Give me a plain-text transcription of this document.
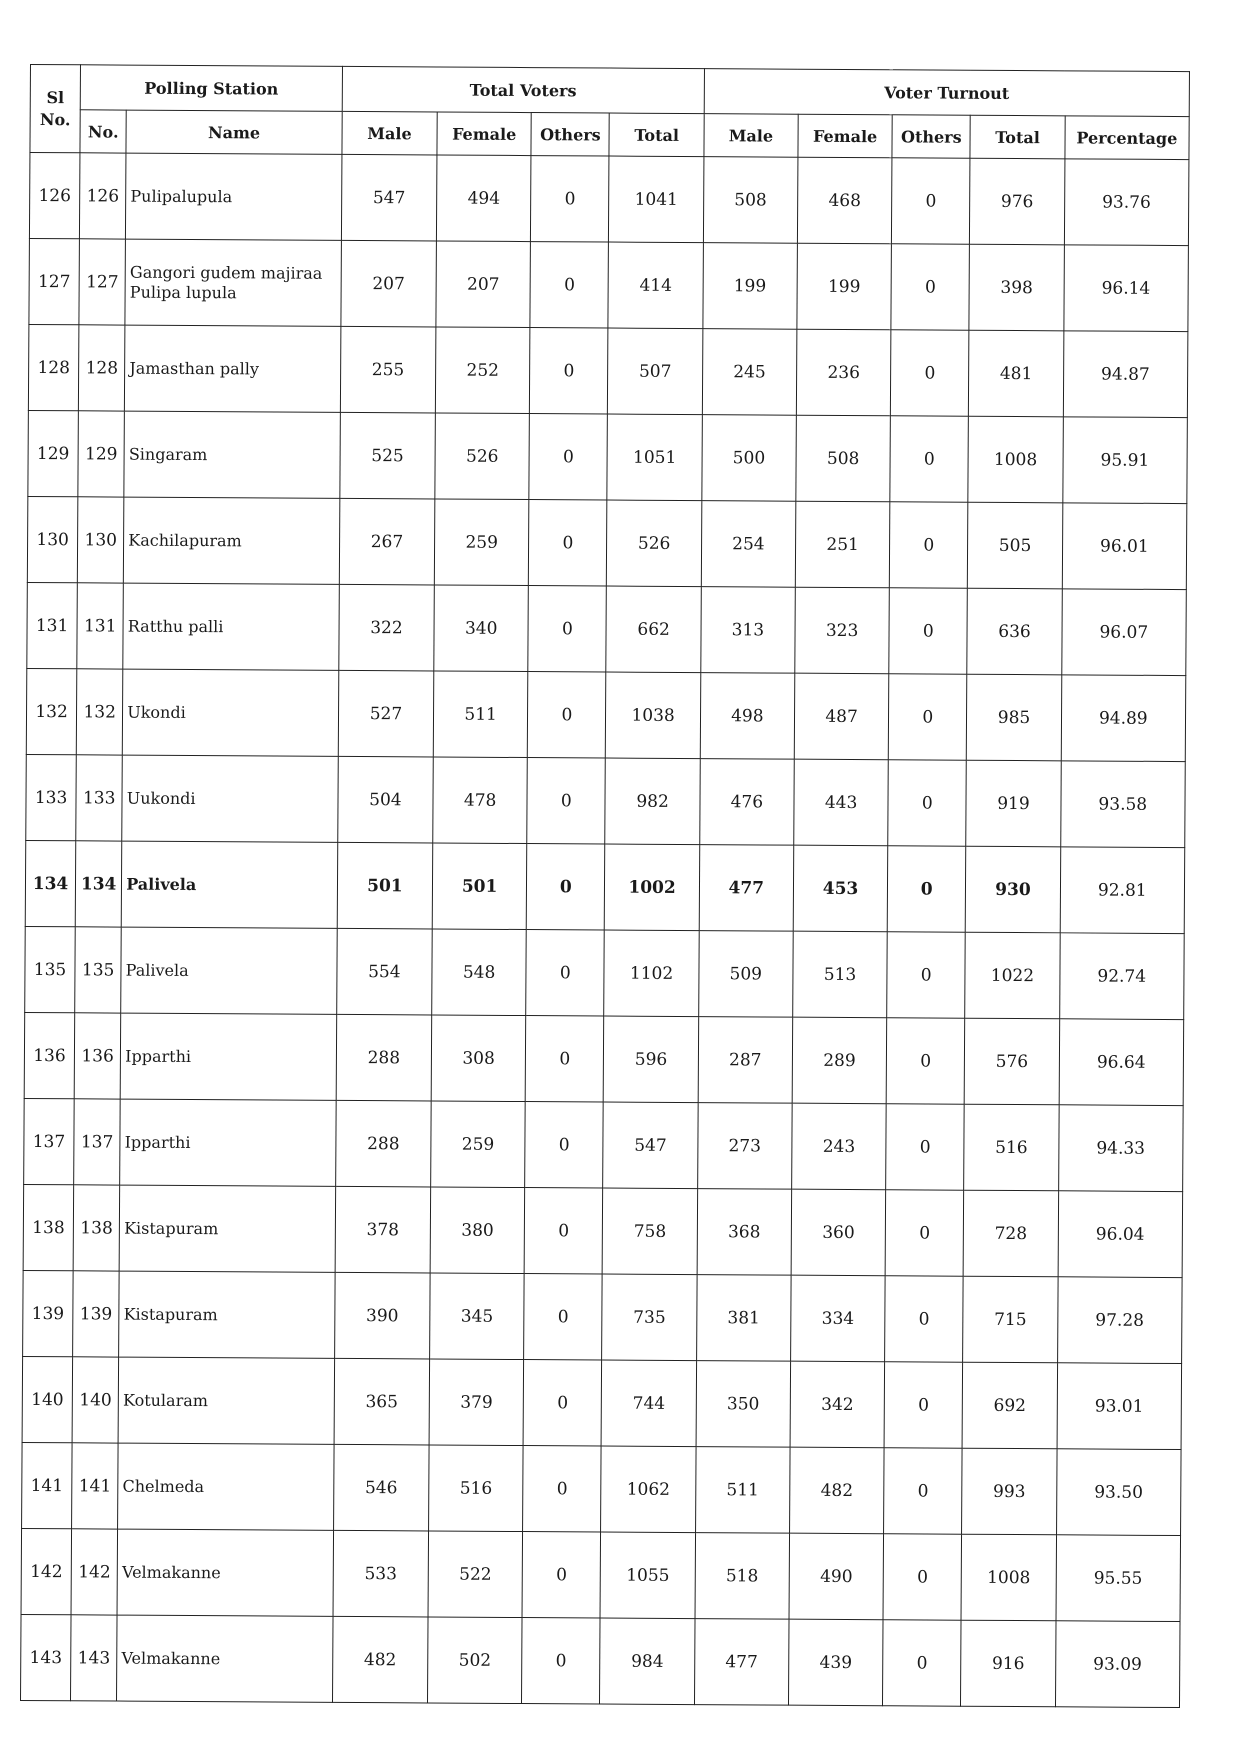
Sl
No.	Polling Station		Total Voters				Voter Turnout				
	No.	Name	Male	Female	Others	Total	Male	Female	Others	Total	Percentage
126	126	Pulipalupula	547	494	0	1041	508	468	0	976	93.76
127	127	Gangori gudem majiraa Pulipa lupula	207	207	0	414	199	199	0	398	96.14
128	128	Jamasthan pally	255	252	0	507	245	236	0	481	94.87
129	129	Singaram	525	526	0	1051	500	508	0	1008	95.91
130	130	Kachilapuram	267	259	0	526	254	251	0	505	96.01
131	131	Ratthu palli	322	340	0	662	313	323	0	636	96.07
132	132	Ukondi	527	511	0	1038	498	487	0	985	94.89
133	133	Uukondi	504	478	0	982	476	443	0	919	93.58
134	134	Palivela	501	501	0	1002	477	453	0	930	92.81
135	135	Palivela	554	548	0	1102	509	513	0	1022	92.74
136	136	Ipparthi	288	308	0	596	287	289	0	576	96.64
137	137	Ipparthi	288	259	0	547	273	243	0	516	94.33
138	138	Kistapuram	378	380	0	758	368	360	0	728	96.04
139	139	Kistapuram	390	345	0	735	381	334	0	715	97.28
140	140	Kotularam	365	379	0	744	350	342	0	692	93.01
141	141	Chelmeda	546	516	0	1062	511	482	0	993	93.50
142	142	Velmakanne	533	522	0	1055	518	490	0	1008	95.55
143	143	Velmakanne	482	502	0	984	477	439	0	916	93.09
